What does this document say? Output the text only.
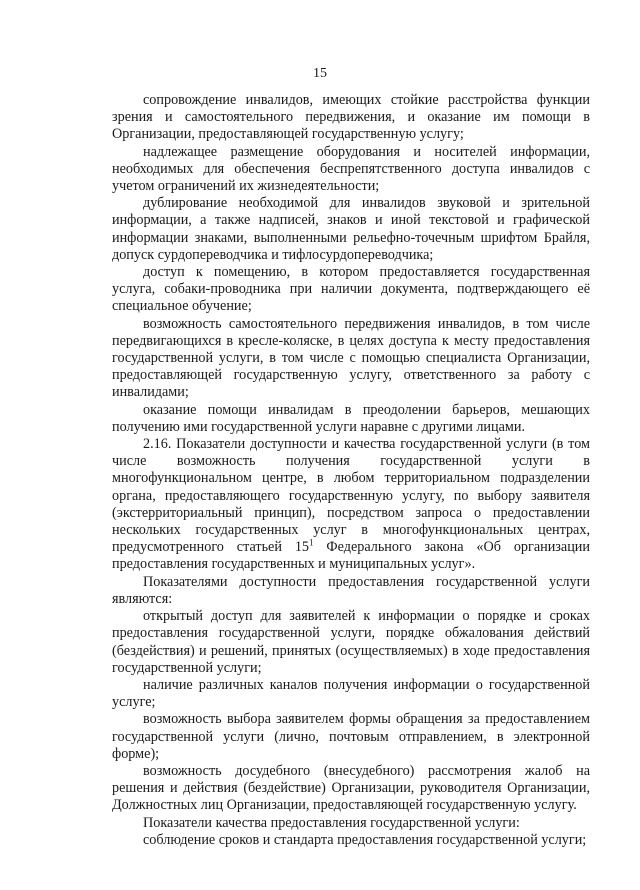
15

сопровождение инвалидов, имеющих стойкие расстройства функции зрения и самостоятельного передвижения, и оказание им помощи в Организации, предоставляющей государственную услугу;

надлежащее размещение оборудования и носителей информации, необходимых для обеспечения беспрепятственного доступа инвалидов с учетом ограничений их жизнедеятельности;

дублирование необходимой для инвалидов звуковой и зрительной информации, а также надписей, знаков и иной текстовой и графической информации знаками, выполненными рельефно-точечным шрифтом Брайля, допуск сурдопереводчика и тифлосурдопереводчика;

доступ к помещению, в котором предоставляется государственная услуга, собаки-проводника при наличии документа, подтверждающего её специальное обучение;

возможность самостоятельного передвижения инвалидов, в том числе передвигающихся в кресле-коляске, в целях доступа к месту предоставления государственной услуги, в том числе с помощью специалиста Организации, предоставляющей государственную услугу, ответственного за работу с инвалидами;

оказание помощи инвалидам в преодолении барьеров, мешающих получению ими государственной услуги наравне с другими лицами.

2.16. Показатели доступности и качества государственной услуги (в том числе возможность получения государственной услуги в многофункциональном центре, в любом территориальном подразделении органа, предоставляющего государственную услугу, по выбору заявителя (экстерриториальный принцип), посредством запроса о предоставлении нескольких государственных услуг в многофункциональных центрах, предусмотренного статьей $15^1$ Федерального закона «Об организации предоставления государственных и муниципальных услуг».

Показателями доступности предоставления государственной услуги являются:

открытый доступ для заявителей к информации о порядке и сроках предоставления государственной услуги, порядке обжалования действий (бездействия) и решений, принятых (осуществляемых) в ходе предоставления государственной услуги;

наличие различных каналов получения информации о государственной услуге;

возможность выбора заявителем формы обращения за предоставлением государственной услуги (лично, почтовым отправлением, в электронной форме);

возможность досудебного (внесудебного) рассмотрения жалоб на решения и действия (бездействие) Организации, руководителя Организации, Должностных лиц Организации, предоставляющей государственную услугу.

Показатели качества предоставления государственной услуги:

соблюдение сроков и стандарта предоставления государственной услуги;
